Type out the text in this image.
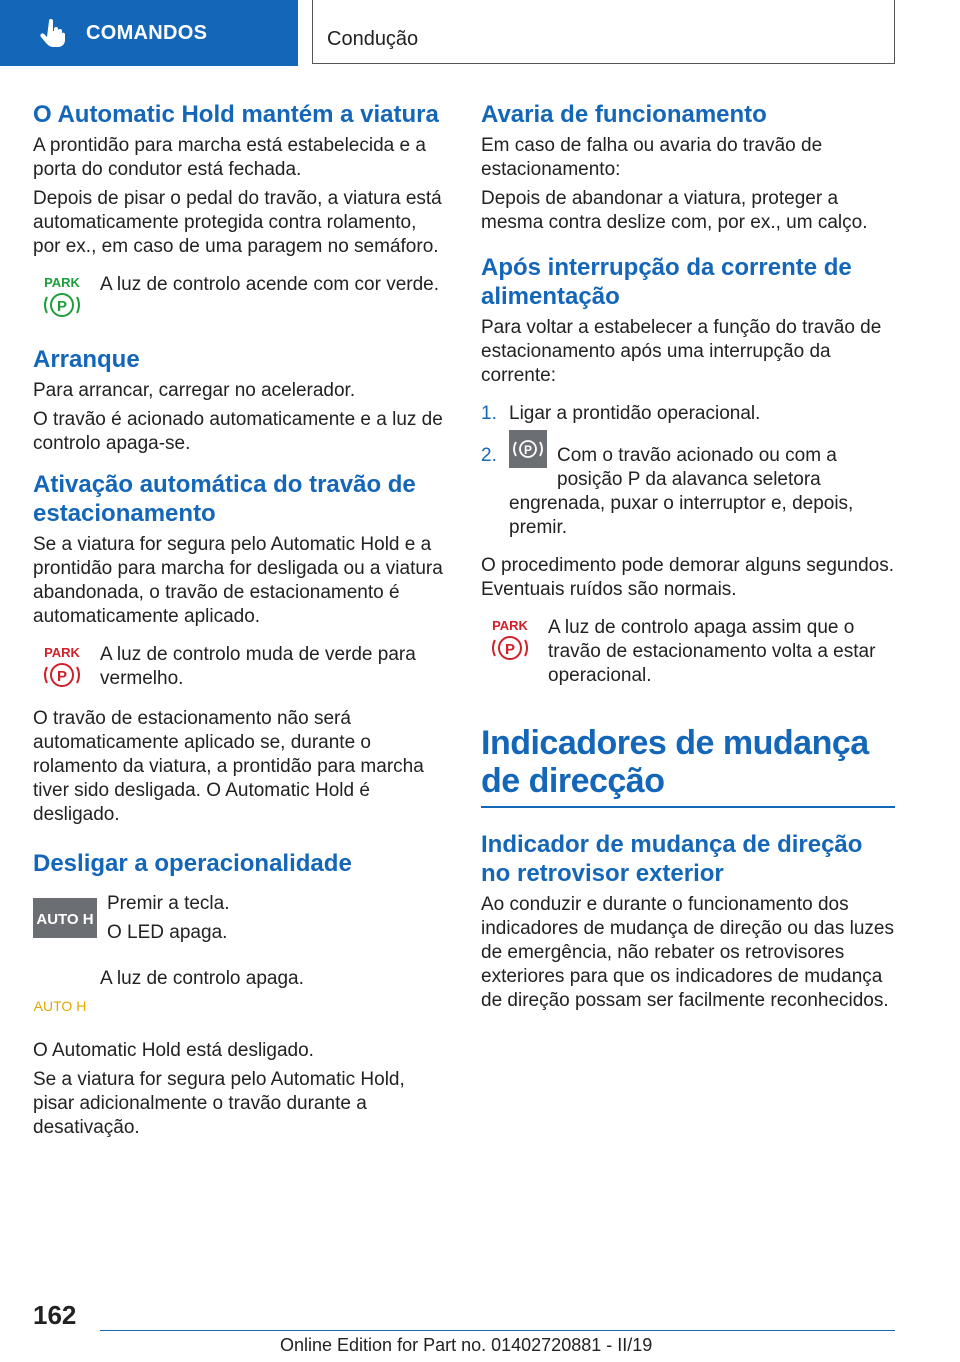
COMANDOS	Condução
O Automatic Hold mantém a viatura

A prontidão para marcha está estabelecida e a porta do condutor está fechada.

Depois de pisar o pedal do travão, a viatura está automaticamente protegida contra rolamento, por ex., em caso de uma paragem no semáforo.

PARK
P

A luz de controlo acende com cor verde.

Arranque

Para arrancar, carregar no acelerador.

O travão é acionado automaticamente e a luz de controlo apaga-se.

Ativação automática do travão de estacionamento

Se a viatura for segura pelo Automatic Hold e a prontidão para marcha for desligada ou a viatura abandonada, o travão de estacionamento é automaticamente aplicado.

PARK
P

A luz de controlo muda de verde para vermelho.

O travão de estacionamento não será automaticamente aplicado se, durante o rolamento da viatura, a prontidão para marcha tiver sido desligada. O Automatic Hold é desligado.

Desligar a operacionalidade
AUTO H

Premir a tecla.

O LED apaga.

AUTO H

A luz de controlo apaga.

O Automatic Hold está desligado.

Se a viatura for segura pelo Automatic Hold, pisar adicionalmente o travão durante a desativação.

Avaria de funcionamento

Em caso de falha ou avaria do travão de estacionamento:

Depois de abandonar a viatura, proteger a mesma contra deslize com, por ex., um calço.

Após interrupção da corrente de alimentação

Para voltar a estabelecer a função do travão de estacionamento após uma interrupção da corrente:

1. Ligar a prontidão operacional.
2.	P Com o travão acionado ou com a posição P da alavanca seletora engrenada, puxar o interruptor e, depois, premir.

O procedimento pode demorar alguns segundos. Eventuais ruídos são normais.

PARK
P

A luz de controlo apaga assim que o travão de estacionamento volta a estar operacional.

Indicadores de mudança de direcção
Indicador de mudança de direção no retrovisor exterior

Ao conduzir e durante o funcionamento dos indicadores de mudança de direção ou das luzes de emergência, não rebater os retrovisores exteriores para que os indicadores de mudança de direção possam ser facilmente reconhecidos.

162
Online Edition for Part no. 01402720881 - II/19
